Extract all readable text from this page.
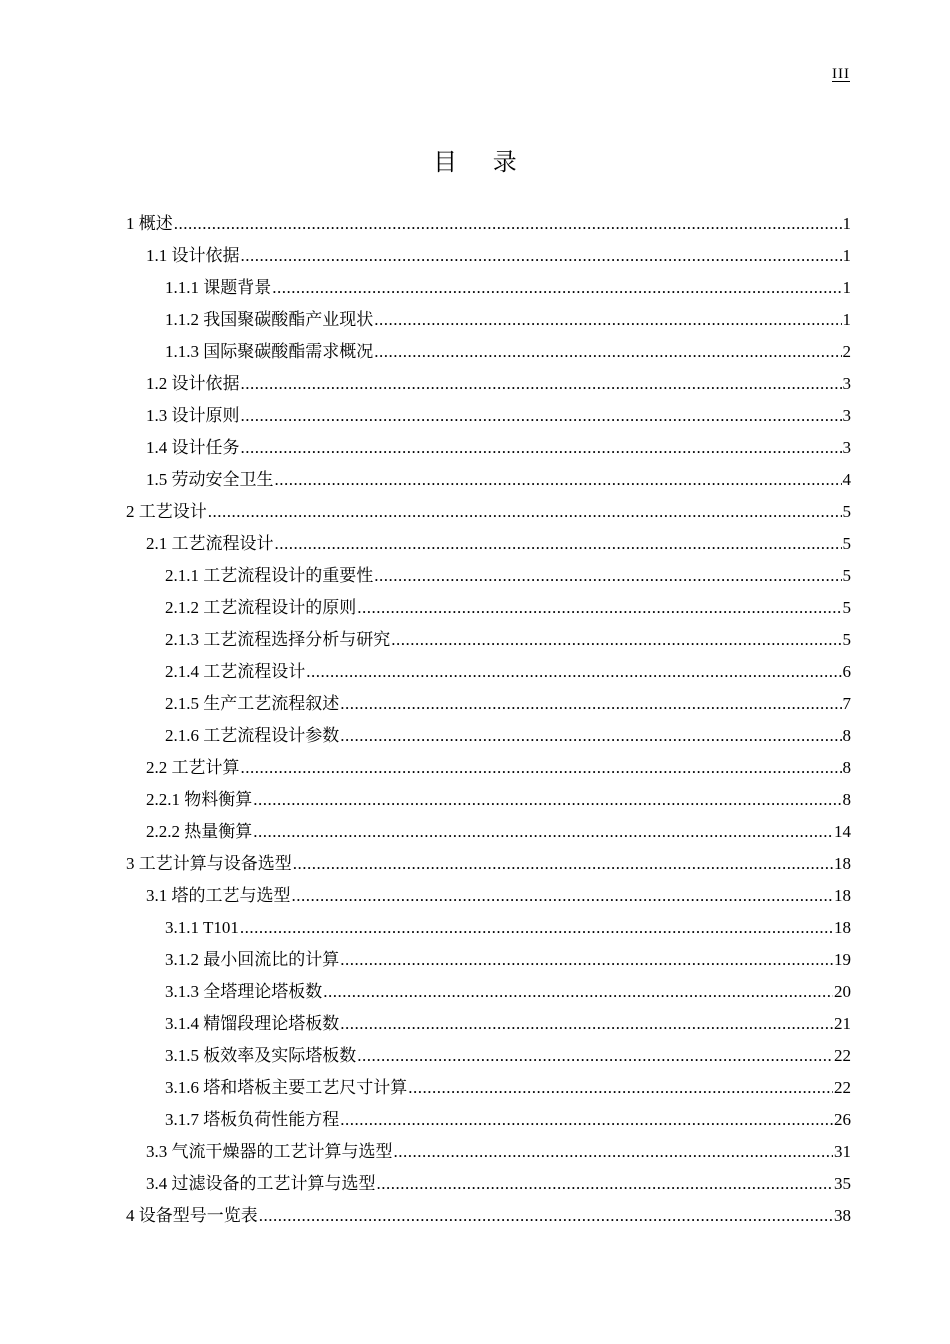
III
目 录
1 概述 .....	1
1.1 设计依据 .....	1
1.1.1 课题背景 .....	1
1.1.2 我国聚碳酸酯产业现状 .....	1
1.1.3 国际聚碳酸酯需求概况 .....	2
1.2 设计依据 .....	3
1.3 设计原则 .....	3
1.4 设计任务 .....	3
1.5 劳动安全卫生 .....	4
2 工艺设计 .....	5
2.1 工艺流程设计 .....	5
2.1.1 工艺流程设计的重要性 .....	5
2.1.2 工艺流程设计的原则 .....	5
2.1.3 工艺流程选择分析与研究 .....	5
2.1.4 工艺流程设计 .....	6
2.1.5 生产工艺流程叙述 .....	7
2.1.6 工艺流程设计参数 .....	8
2.2 工艺计算 .....	8
2.2.1 物料衡算 .....	8
2.2.2 热量衡算 .....	14
3 工艺计算与设备选型 .....	18
3.1 塔的工艺与选型 .....	18
3.1.1 T101 .....	18
3.1.2 最小回流比的计算 .....	19
3.1.3 全塔理论塔板数 .....	20
3.1.4 精馏段理论塔板数 .....	21
3.1.5 板效率及实际塔板数 .....	22
3.1.6 塔和塔板主要工艺尺寸计算 .....	22
3.1.7 塔板负荷性能方程 .....	26
3.3 气流干燥器的工艺计算与选型 .....	31
3.4 过滤设备的工艺计算与选型 .....	35
4 设备型号一览表 .....	38
